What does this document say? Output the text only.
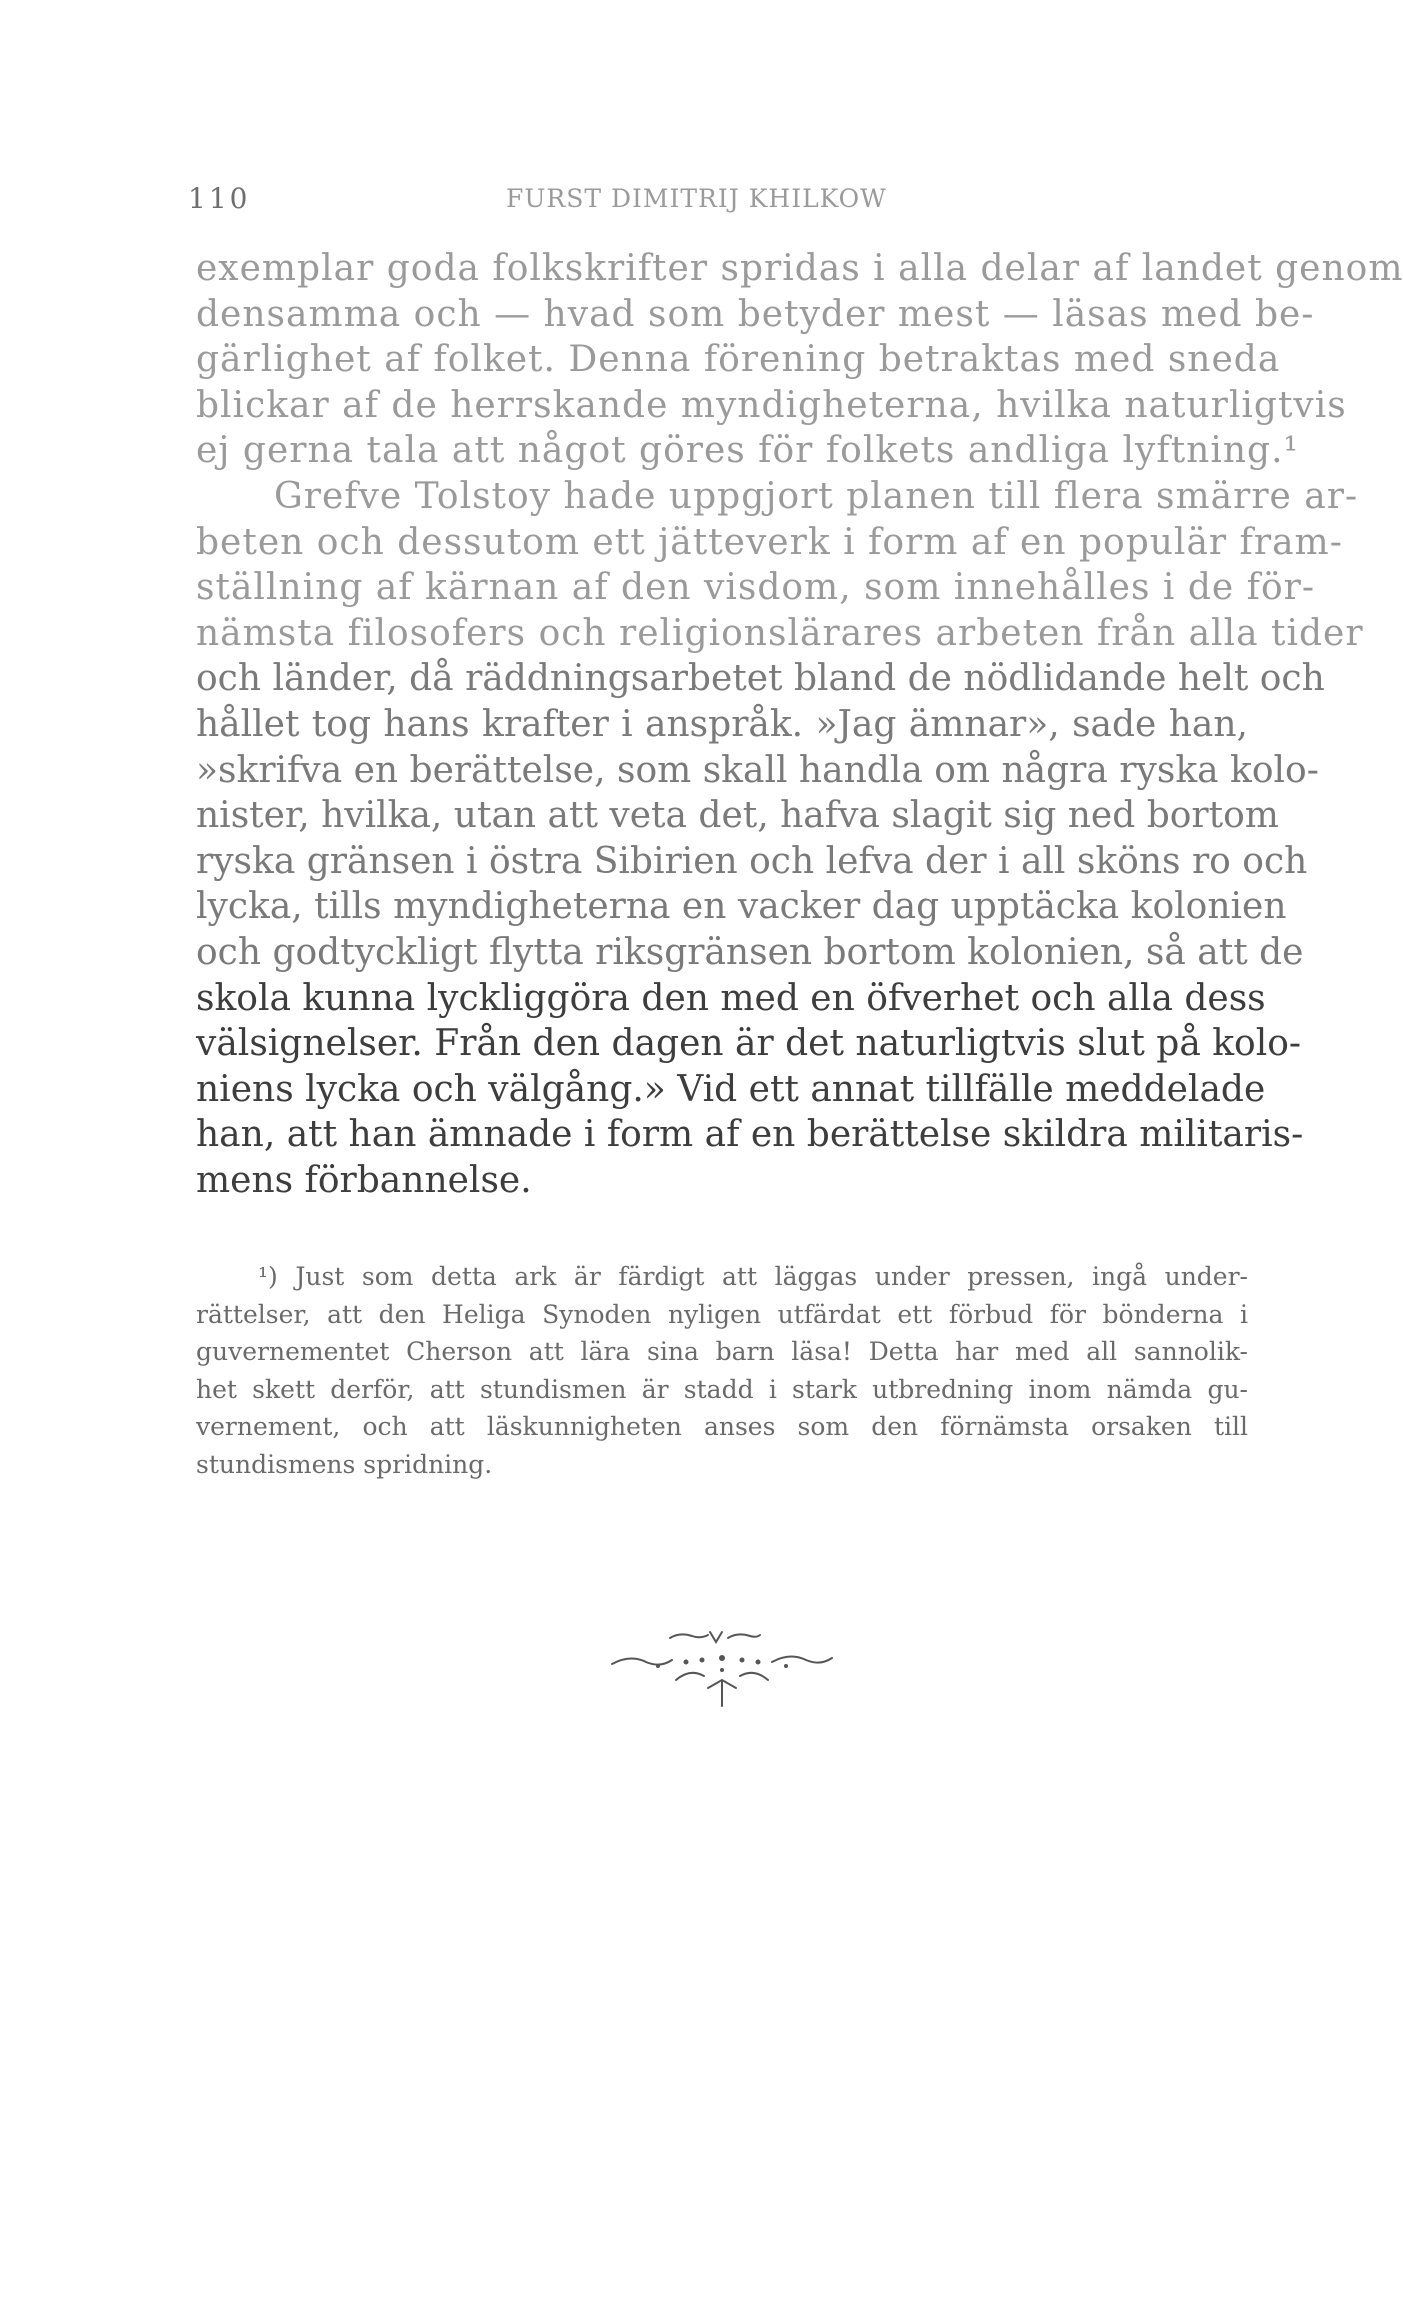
110	FURST DIMITRIJ KHILKOW
exemplar goda folkskrifter spridas i alla delar af landet genom
densamma och — hvad som betyder mest — läsas med be-
gärlighet af folket. Denna förening betraktas med sneda
blickar af de herrskande myndigheterna, hvilka naturligtvis
ej gerna tala att något göres för folkets andliga lyftning.¹
Grefve Tolstoy hade uppgjort planen till flera smärre ar-
beten och dessutom ett jätteverk i form af en populär fram-
ställning af kärnan af den visdom, som innehålles i de för-
nämsta filosofers och religionslärares arbeten från alla tider
och länder, då räddningsarbetet bland de nödlidande helt och
hållet tog hans krafter i anspråk. »Jag ämnar», sade han,
»skrifva en berättelse, som skall handla om några ryska kolo-
nister, hvilka, utan att veta det, hafva slagit sig ned bortom
ryska gränsen i östra Sibirien och lefva der i all sköns ro och
lycka, tills myndigheterna en vacker dag upptäcka kolonien
och godtyckligt flytta riksgränsen bortom kolonien, så att de
skola kunna lyckliggöra den med en öfverhet och alla dess
välsignelser. Från den dagen är det naturligtvis slut på kolo-
niens lycka och välgång.» Vid ett annat tillfälle meddelade
han, att han ämnade i form af en berättelse skildra militaris-
mens förbannelse.
¹) Just som detta ark är färdigt att läggas under pressen, ingå under-
rättelser, att den Heliga Synoden nyligen utfärdat ett förbud för bönderna i
guvernementet Cherson att lära sina barn läsa! Detta har med all sannolik-
het skett derför, att stundismen är stadd i stark utbredning inom nämda gu-
vernement, och att läskunnigheten anses som den förnämsta orsaken till
stundismens spridning.
